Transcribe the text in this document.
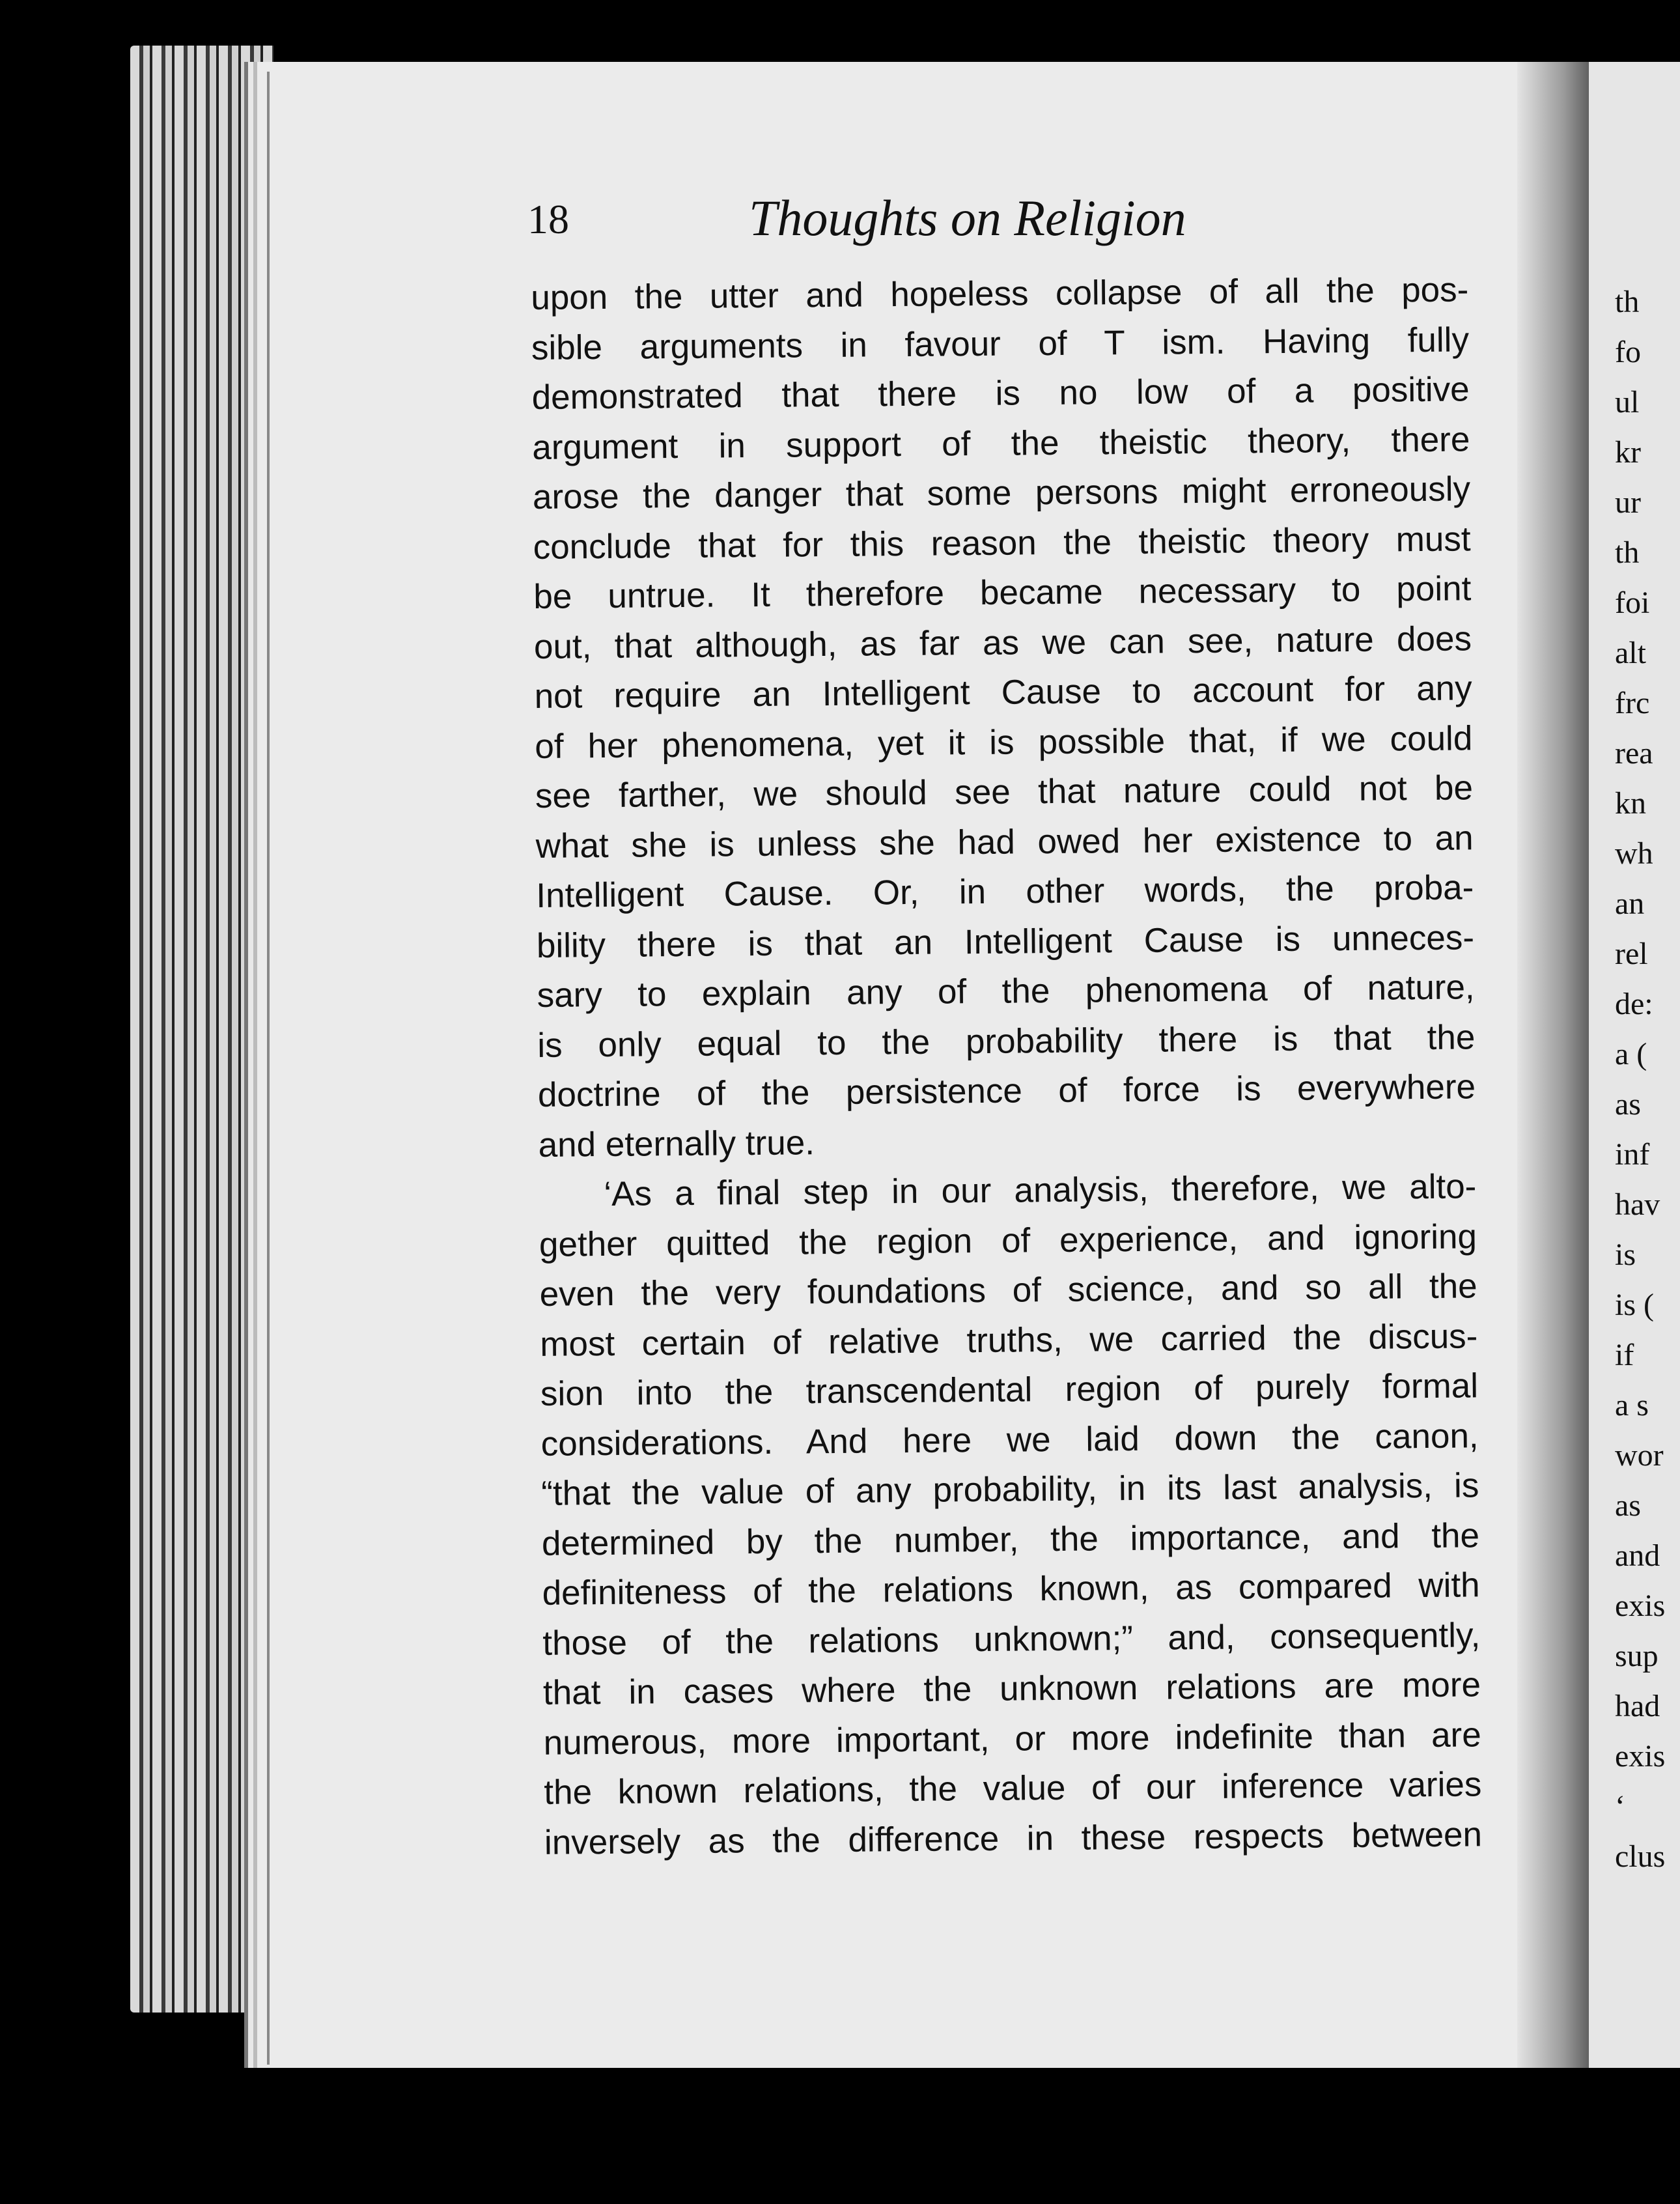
th
fo
ul
kr
ur
th
foi
alt
frc
rea
kn
wh
an
rel
de:
a (
as
inf
hav
is
is (
if
a s
wor
as
and
exis
sup
had
exis
‘
clus
18	Thoughts on Religion
upon the utter and hopeless collapse of all the pos-
sible arguments in favour of T ism. Having fully
demonstrated that there is no low of a positive
argument in support of the theistic theory, there
arose the danger that some persons might erroneously
conclude that for this reason the theistic theory must
be untrue. It therefore became necessary to point
out, that although, as far as we can see, nature does
not require an Intelligent Cause to account for any
of her phenomena, yet it is possible that, if we could
see farther, we should see that nature could not be
what she is unless she had owed her existence to an
Intelligent Cause. Or, in other words, the proba-
bility there is that an Intelligent Cause is unneces-
sary to explain any of the phenomena of nature,
is only equal to the probability there is that the
doctrine of the persistence of force is everywhere
and eternally true.
‘As a final step in our analysis, therefore, we alto-
gether quitted the region of experience, and ignoring
even the very foundations of science, and so all the
most certain of relative truths, we carried the discus-
sion into the transcendental region of purely formal
considerations. And here we laid down the canon,
“that the value of any probability, in its last analysis, is
determined by the number, the importance, and the
definiteness of the relations known, as compared with
those of the relations unknown;” and, consequently,
that in cases where the unknown relations are more
numerous, more important, or more indefinite than are
the known relations, the value of our inference varies
inversely as the difference in these respects between
